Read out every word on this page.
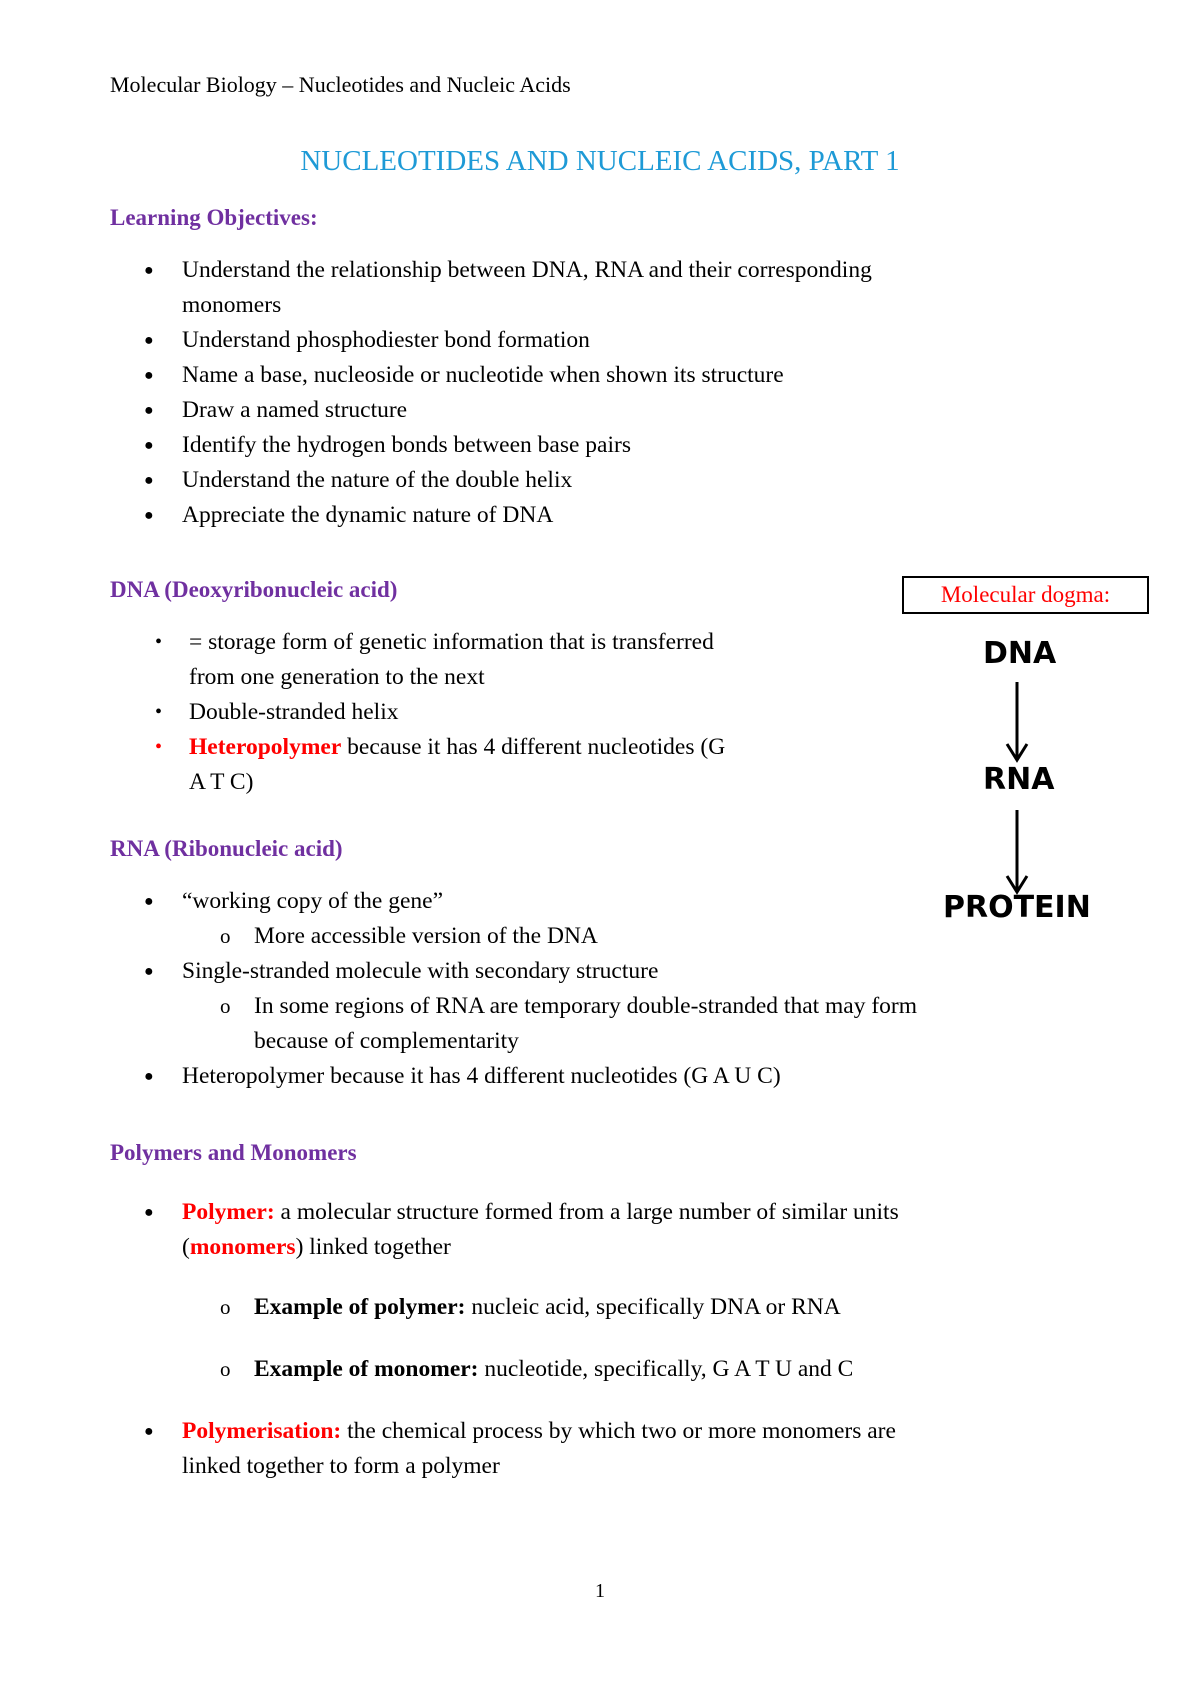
Molecular Biology – Nucleotides and Nucleic Acids
NUCLEOTIDES AND NUCLEIC ACIDS, PART 1
Learning Objectives:
● Understand the relationship between DNA, RNA and their corresponding
monomers
● Understand phosphodiester bond formation
● Name a base, nucleoside or nucleotide when shown its structure
● Draw a named structure
● Identify the hydrogen bonds between base pairs
● Understand the nature of the double helix
● Appreciate the dynamic nature of DNA
DNA (Deoxyribonucleic acid)
• = storage form of genetic information that is transferred
from one generation to the next
• Double-stranded helix
• Heteropolymer because it has 4 different nucleotides (G
A T C)
Molecular dogma:
DNA
RNA
PROTEIN
RNA (Ribonucleic acid)
● “working copy of the gene”
o More accessible version of the DNA
● Single-stranded molecule with secondary structure
o In some regions of RNA are temporary double-stranded that may form
because of complementarity
● Heteropolymer because it has 4 different nucleotides (G A U C)
Polymers and Monomers
● Polymer: a molecular structure formed from a large number of similar units
(monomers) linked together
o Example of polymer: nucleic acid, specifically DNA or RNA
o Example of monomer: nucleotide, specifically, G A T U and C
● Polymerisation: the chemical process by which two or more monomers are
linked together to form a polymer
1
